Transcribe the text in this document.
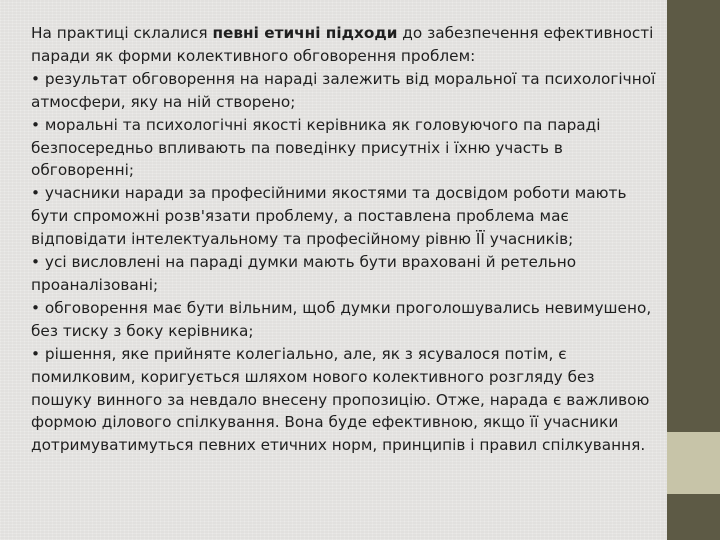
На практиці склалися певні етичні підходи до забезпечення ефективності паради як форми колективного обговорення проблем:

• результат обговорення на нараді залежить від моральної та психологічної атмосфери, яку на ній створено;

• моральні та психологічні якості керівника як головуючого па параді безпосередньо впливають па поведінку присутніх і їхню участь в обговоренні;

• учасники наради за професійними якостями та досвідом роботи мають бути спроможні розв'язати проблему, а поставлена проблема має відповідати інтелектуальному та професійному рівню ЇЇ учасників;

• усі висловлені на параді думки мають бути враховані й ретельно проаналізовані;

• обговорення має бути вільним, щоб думки проголошувались невимушено, без тиску з боку керівника;

• рішення, яке прийняте колегіально, але, як з ясувалося потім, є помилковим, коригується шляхом нового колективного розгляду без пошуку винного за невдало внесену пропозицію. Отже, нарада є важливою формою ділового спілкування. Вона буде ефективною, якщо її учасники дотримуватимуться певних етичних норм, принципів і правил спілкування.
